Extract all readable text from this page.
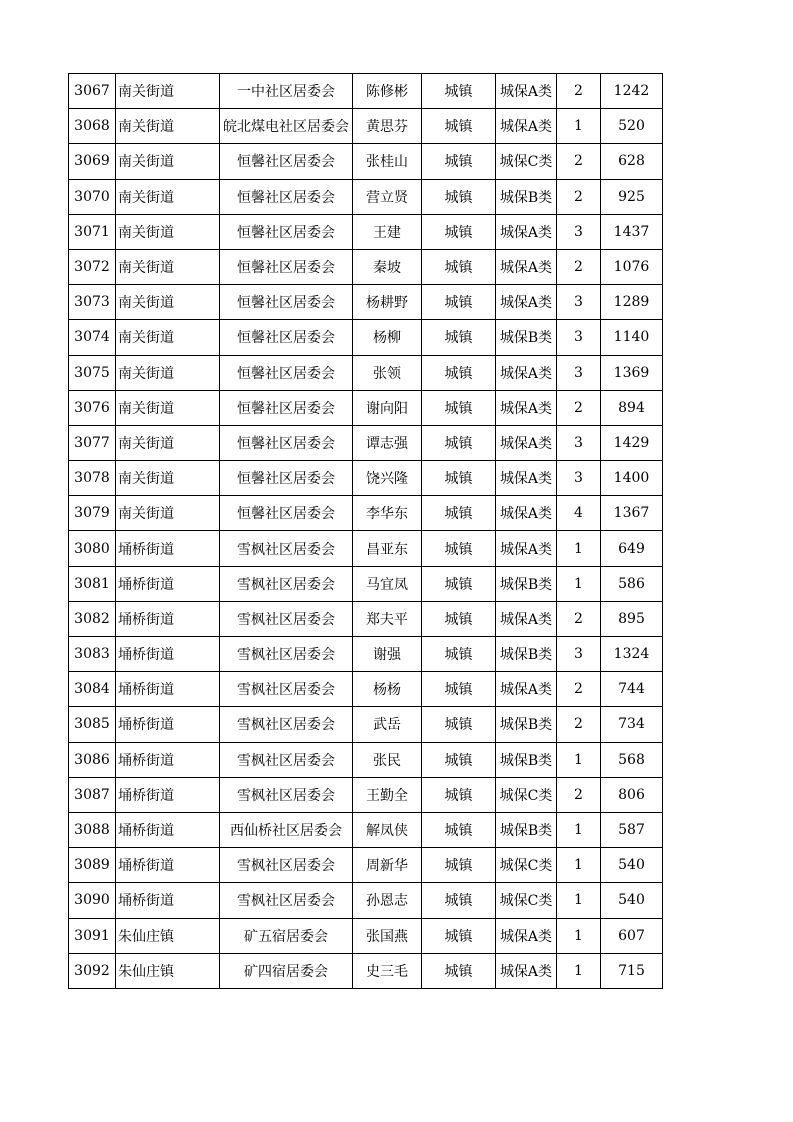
3067	南关街道	一中社区居委会	陈修彬	城镇	城保A类	2	1242
3068	南关街道	皖北煤电社区居委会	黄思芬	城镇	城保A类	1	520
3069	南关街道	恒馨社区居委会	张桂山	城镇	城保C类	2	628
3070	南关街道	恒馨社区居委会	营立贤	城镇	城保B类	2	925
3071	南关街道	恒馨社区居委会	王建	城镇	城保A类	3	1437
3072	南关街道	恒馨社区居委会	秦坡	城镇	城保A类	2	1076
3073	南关街道	恒馨社区居委会	杨耕野	城镇	城保A类	3	1289
3074	南关街道	恒馨社区居委会	杨柳	城镇	城保B类	3	1140
3075	南关街道	恒馨社区居委会	张领	城镇	城保A类	3	1369
3076	南关街道	恒馨社区居委会	谢向阳	城镇	城保A类	2	894
3077	南关街道	恒馨社区居委会	谭志强	城镇	城保A类	3	1429
3078	南关街道	恒馨社区居委会	饶兴隆	城镇	城保A类	3	1400
3079	南关街道	恒馨社区居委会	李华东	城镇	城保A类	4	1367
3080	埇桥街道	雪枫社区居委会	昌亚东	城镇	城保A类	1	649
3081	埇桥街道	雪枫社区居委会	马宜凤	城镇	城保B类	1	586
3082	埇桥街道	雪枫社区居委会	郑夫平	城镇	城保A类	2	895
3083	埇桥街道	雪枫社区居委会	谢强	城镇	城保B类	3	1324
3084	埇桥街道	雪枫社区居委会	杨杨	城镇	城保A类	2	744
3085	埇桥街道	雪枫社区居委会	武岳	城镇	城保B类	2	734
3086	埇桥街道	雪枫社区居委会	张民	城镇	城保B类	1	568
3087	埇桥街道	雪枫社区居委会	王勤全	城镇	城保C类	2	806
3088	埇桥街道	西仙桥社区居委会	解凤侠	城镇	城保B类	1	587
3089	埇桥街道	雪枫社区居委会	周新华	城镇	城保C类	1	540
3090	埇桥街道	雪枫社区居委会	孙恩志	城镇	城保C类	1	540
3091	朱仙庄镇	矿五宿居委会	张国燕	城镇	城保A类	1	607
3092	朱仙庄镇	矿四宿居委会	史三毛	城镇	城保A类	1	715
